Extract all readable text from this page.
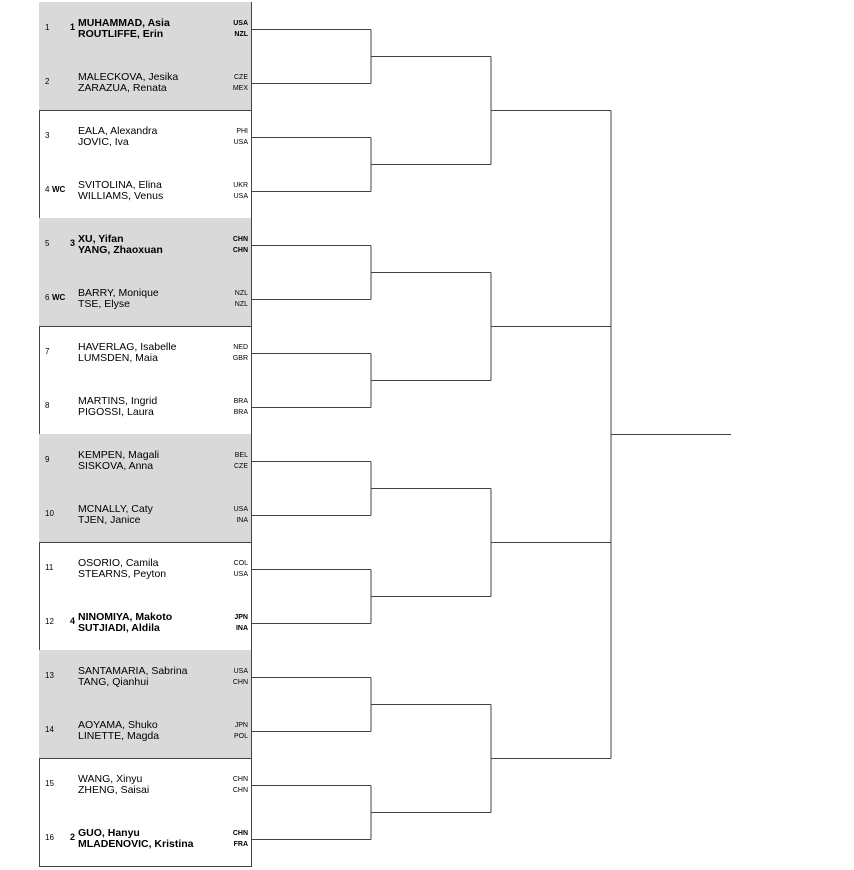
1 1 MUHAMMAD, Asia
ROUTLIFFE, Erin
USA
NZL
2	MALECKOVA, Jesika
ZARAZUA, Renata
CZE
MEX
3	EALA, Alexandra
JOVIC, Iva
PHI
USA
4 WC SVITOLINA, Elina
WILLIAMS, Venus
UKR
USA
5 3 XU, Yifan
YANG, Zhaoxuan
CHN
CHN
6 WC BARRY, Monique
TSE, Elyse
NZL
NZL
7	HAVERLAG, Isabelle
LUMSDEN, Maia
NED
GBR
8	MARTINS, Ingrid
PIGOSSI, Laura
BRA
BRA
9	KEMPEN, Magali
SISKOVA, Anna
BEL
CZE
10 MCNALLY, Caty
TJEN, Janice
USA
INA
11 OSORIO, Camila
STEARNS, Peyton
COL
USA
12 4 NINOMIYA, Makoto
SUTJIADI, Aldila
JPN
INA
13 SANTAMARIA, Sabrina
TANG, Qianhui
USA
CHN
14 AOYAMA, Shuko
LINETTE, Magda
JPN
POL
15 WANG, Xinyu
ZHENG, Saisai
CHN
CHN
16 2 GUO, Hanyu
MLADENOVIC, Kristina
CHN
FRA
